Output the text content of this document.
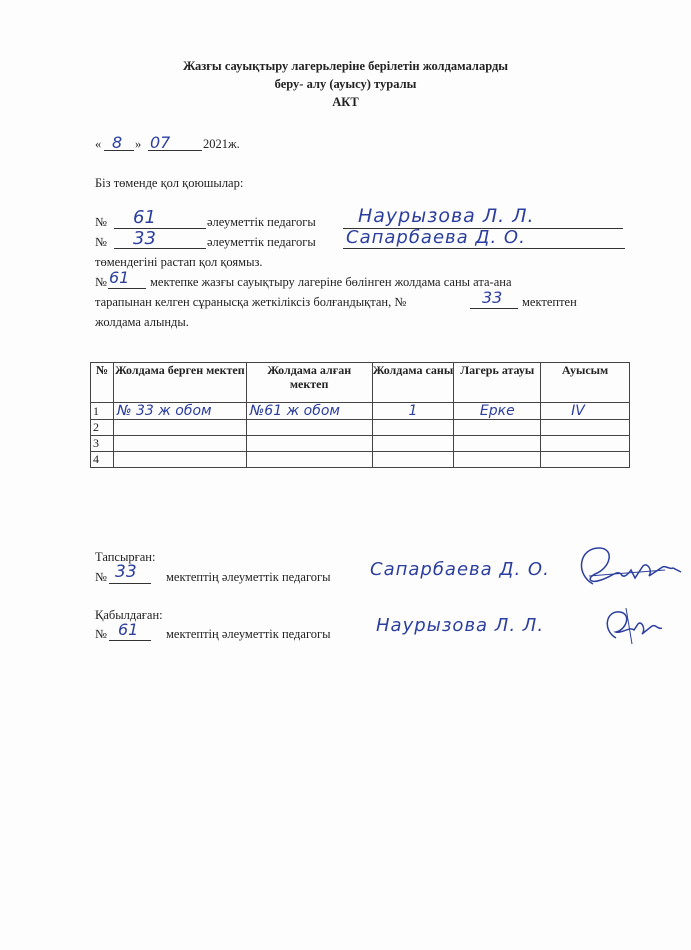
Жазғы сауықтыру лагерьлеріне берілетін жолдамаларды
беру- алу (ауысу) туралы
АКТ
« 8 » 07	2021ж.
Біз төменде қол қоюшылар:
№ 61	әлеуметтік педагогы Наурызова Л. Л.
№ 33	әлеуметтік педагогы Сапарбаева Д. О.
төмендегіні растап қол қоямыз.
№ 61 мектепке жазғы сауықтыру лагеріне бөлінген жолдама саны ата-ана
тарапынан келген сұранысқа жеткіліксіз болғандықтан, №	33 мектептен
жолдама алынды.
№	Жолдама берген мектеп	Жолдама алған мектеп	Жолдама саны	Лагерь атауы	Ауысым
1	№ 33 ж обом	№61 ж обом	1	Ерке	IV
2					
3					
4					
Тапсырған:
№ 33 мектептің әлеуметтік педагогы Сапарбаева Д. О.
Қабылдаған:
№ 61 мектептің әлеуметтік педагогы	Наурызова Л. Л.
